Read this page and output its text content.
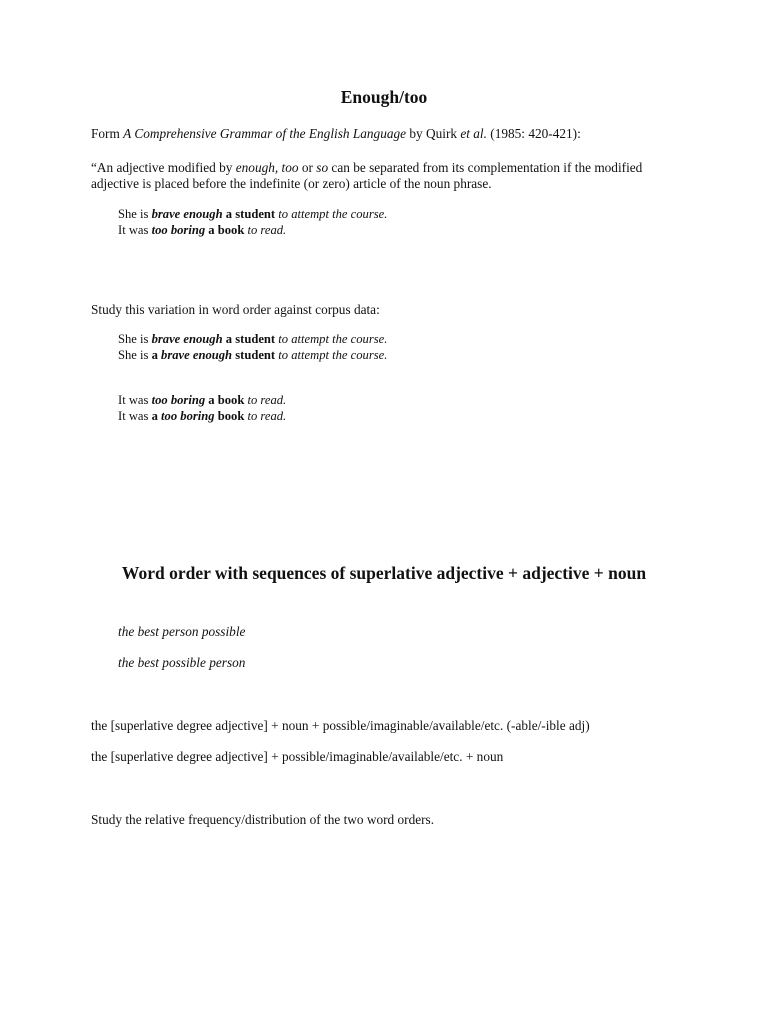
Enough/too
Form A Comprehensive Grammar of the English Language by Quirk et al. (1985: 420-421):
“An adjective modified by enough, too or so can be separated from its complementation if the modified adjective is placed before the indefinite (or zero) article of the noun phrase.
She is brave enough a student to attempt the course.
It was too boring a book to read.
Study this variation in word order against corpus data:
She is brave enough a student to attempt the course.
She is a brave enough student to attempt the course.
It was too boring a book to read.
It was a too boring book to read.
Word order with sequences of superlative adjective + adjective + noun
the best person possible
the best possible person
the [superlative degree adjective] + noun + possible/imaginable/available/etc. (-able/-ible adj)
the [superlative degree adjective] + possible/imaginable/available/etc. + noun
Study the relative frequency/distribution of the two word orders.
